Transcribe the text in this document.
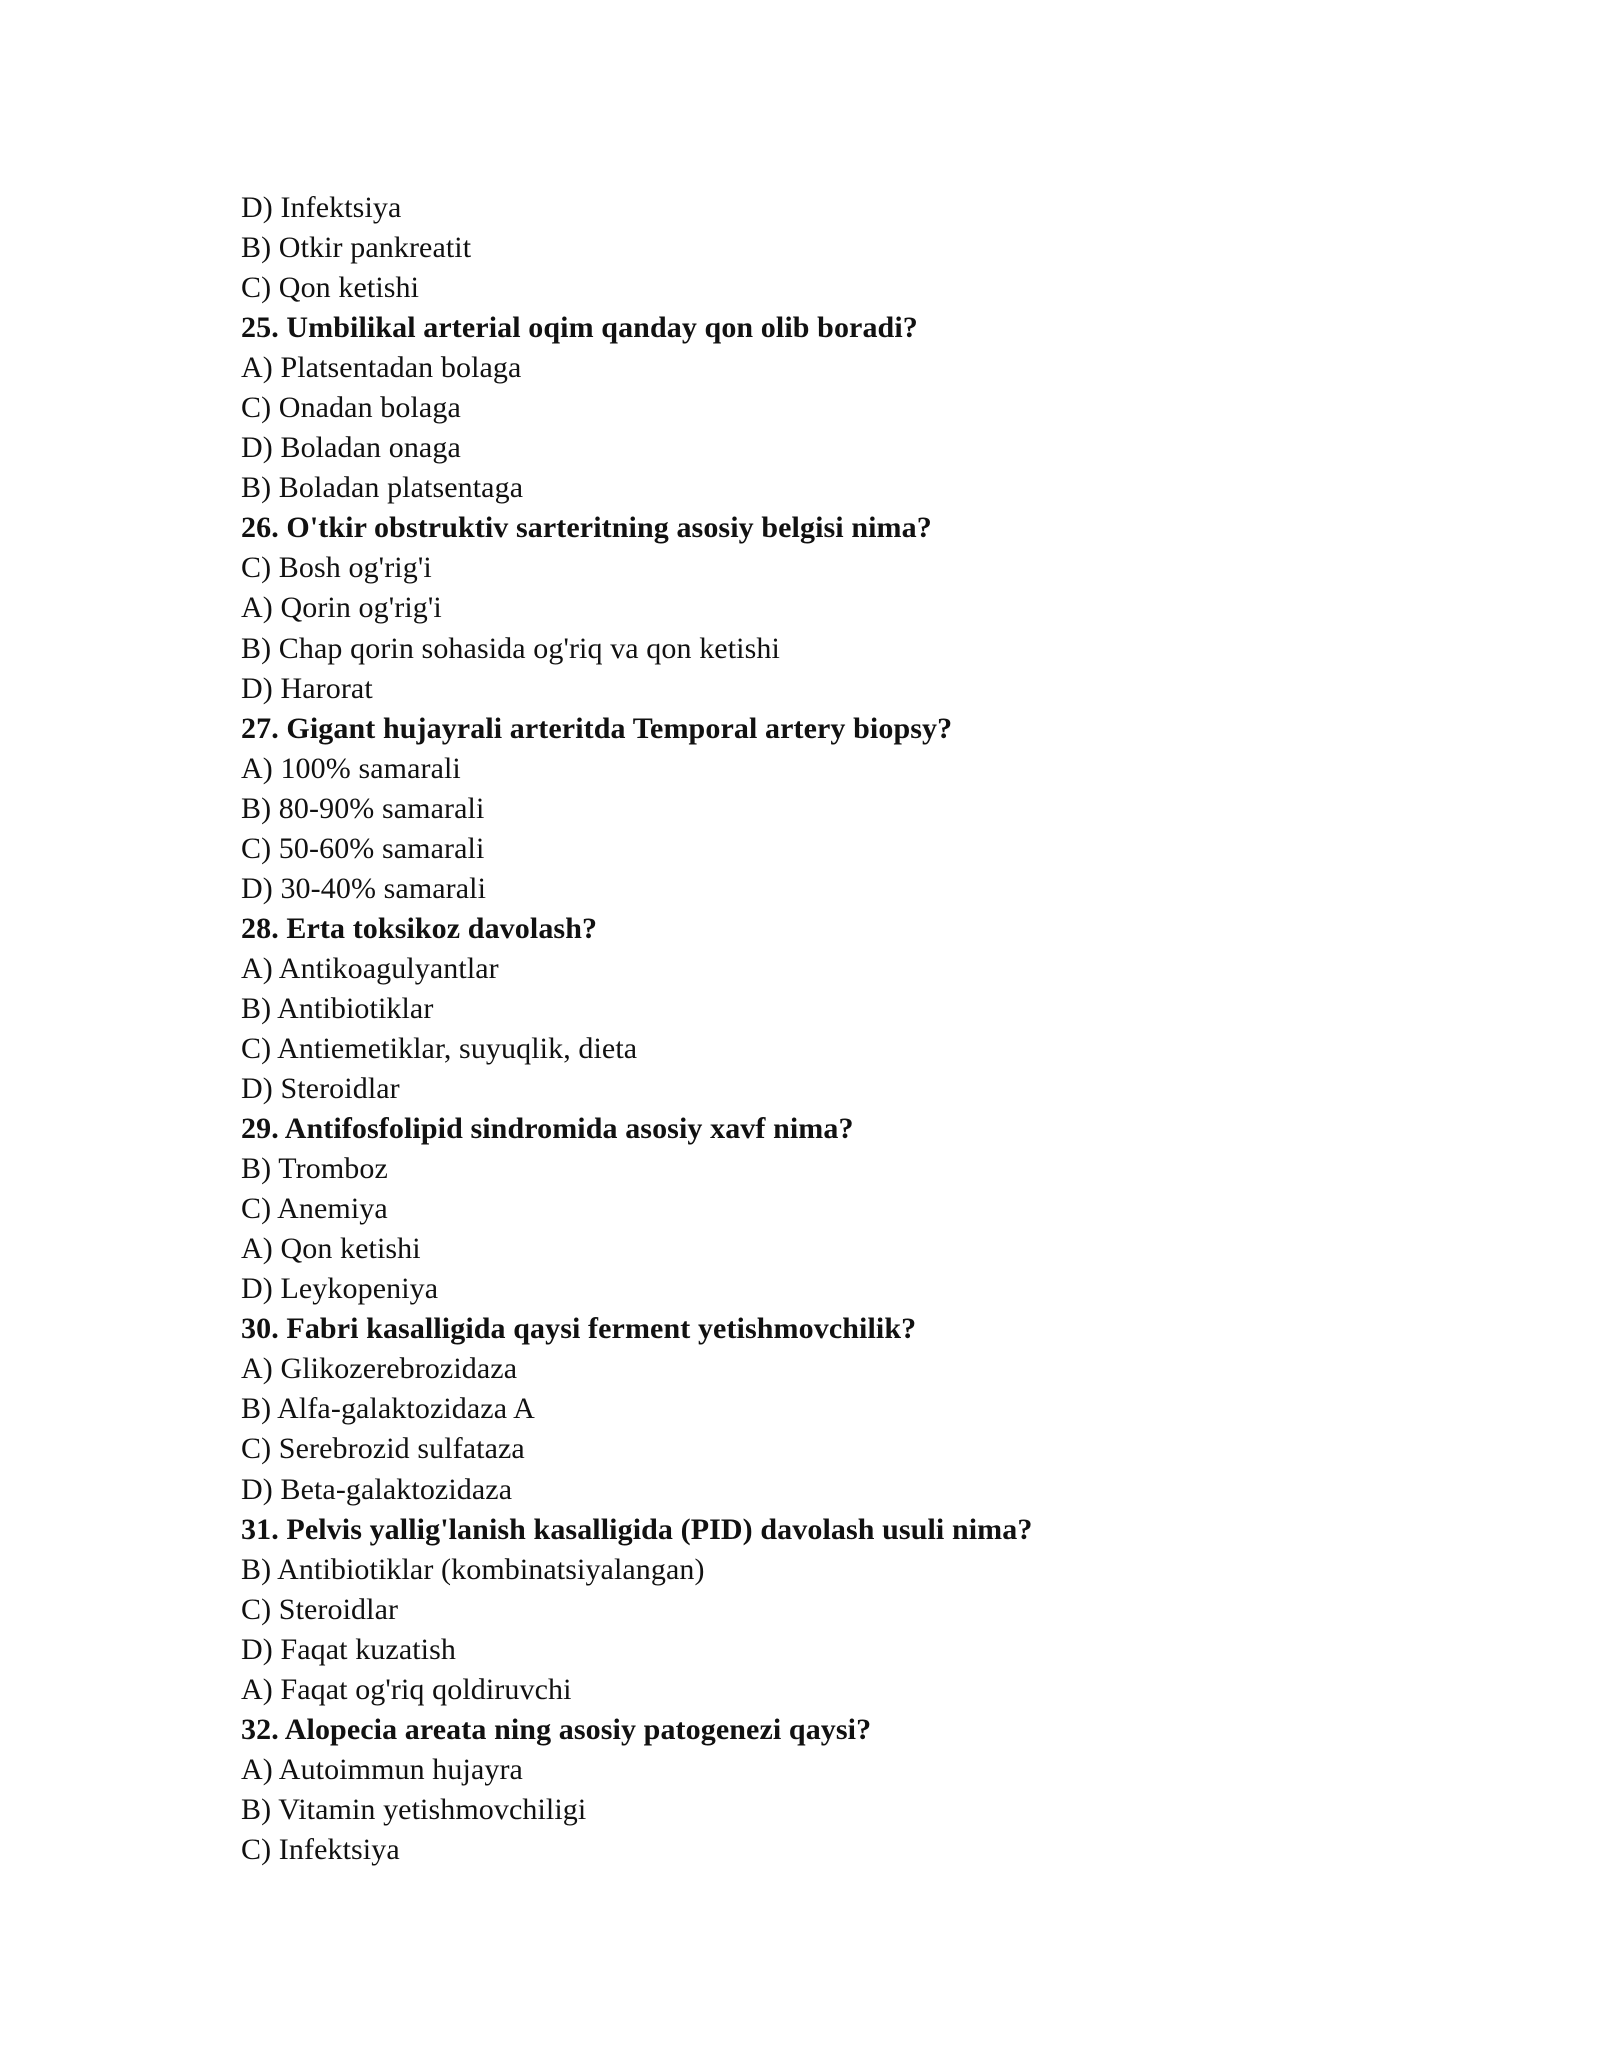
D) Infektsiya
B) Otkir pankreatit
C) Qon ketishi
25. Umbilikal arterial oqim qanday qon olib boradi?
A) Platsentadan bolaga
C) Onadan bolaga
D) Boladan onaga
B) Boladan platsentaga
26. O'tkir obstruktiv sarteritning asosiy belgisi nima?
C) Bosh og'rig'i
A) Qorin og'rig'i
B) Chap qorin sohasida og'riq va qon ketishi
D) Harorat
27. Gigant hujayrali arteritda Temporal artery biopsy?
A) 100% samarali
B) 80-90% samarali
C) 50-60% samarali
D) 30-40% samarali
28. Erta toksikoz davolash?
A) Antikoagulyantlar
B) Antibiotiklar
C) Antiemetiklar, suyuqlik, dieta
D) Steroidlar
29. Antifosfolipid sindromida asosiy xavf nima?
B) Tromboz
C) Anemiya
A) Qon ketishi
D) Leykopeniya
30. Fabri kasalligida qaysi ferment yetishmovchilik?
A) Glikozerebrozidaza
B) Alfa-galaktozidaza A
C) Serebrozid sulfataza
D) Beta-galaktozidaza
31. Pelvis yallig'lanish kasalligida (PID) davolash usuli nima?
B) Antibiotiklar (kombinatsiyalangan)
C) Steroidlar
D) Faqat kuzatish
A) Faqat og'riq qoldiruvchi
32. Alopecia areata ning asosiy patogenezi qaysi?
A) Autoimmun hujayra
B) Vitamin yetishmovchiligi
C) Infektsiya
